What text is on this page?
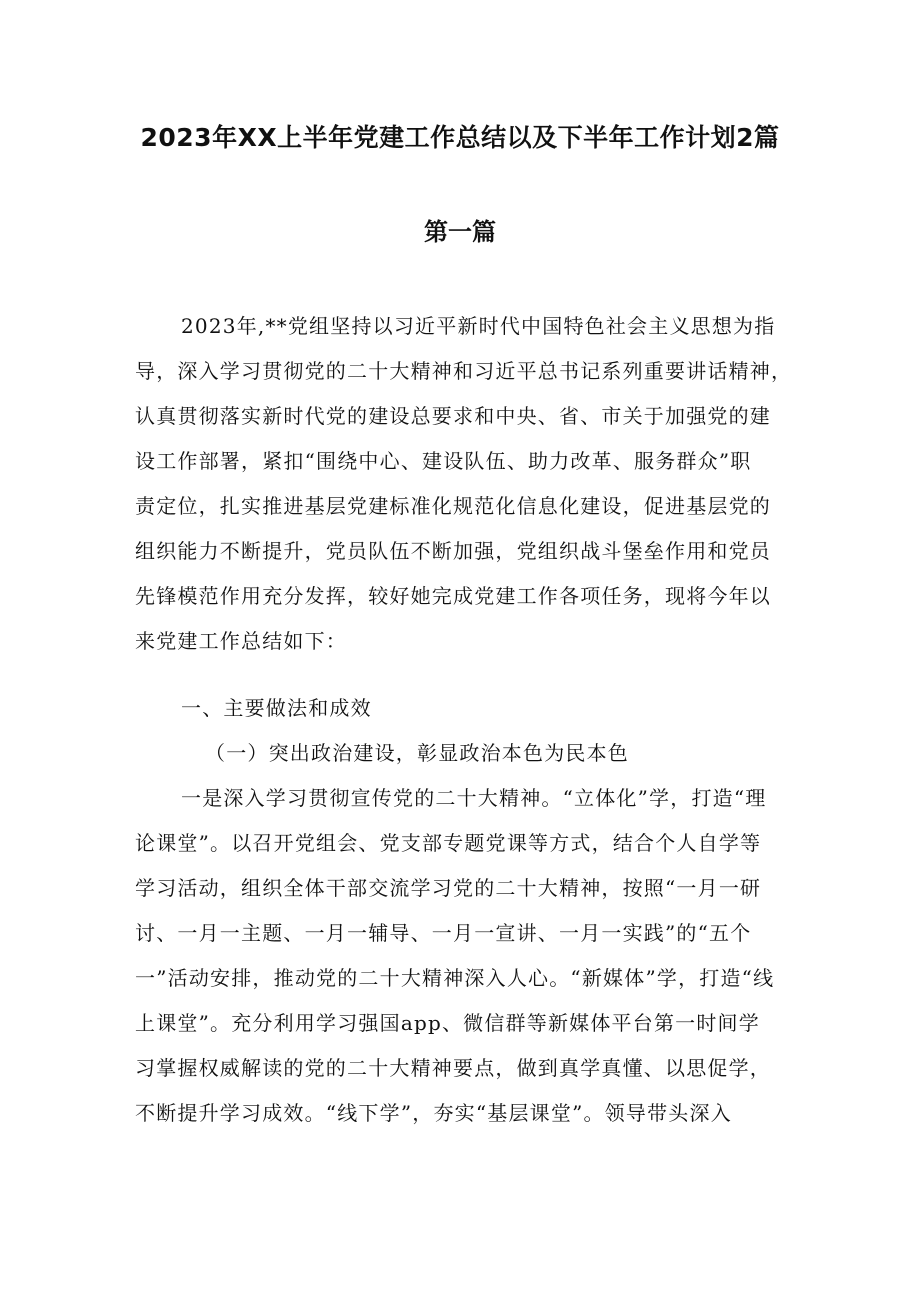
2023年XX上半年党建工作总结以及下半年工作计划2篇
第一篇
2023年,**党组坚持以习近平新时代中国特色社会主义思想为指
导，深入学习贯彻党的二十大精神和习近平总书记系列重要讲话精神，
认真贯彻落实新时代党的建设总要求和中央、省、市关于加强党的建
设工作部署，紧扣“围绕中心、建设队伍、助力改革、服务群众”职
责定位，扎实推进基层党建标准化规范化信息化建设，促进基层党的
组织能力不断提升，党员队伍不断加强，党组织战斗堡垒作用和党员
先锋模范作用充分发挥，较好她完成党建工作各项任务，现将今年以
来党建工作总结如下：
一、主要做法和成效
（一）突出政治建设，彰显政治本色为民本色
一是深入学习贯彻宣传党的二十大精神。“立体化”学，打造“理
论课堂”。以召开党组会、党支部专题党课等方式，结合个人自学等
学习活动，组织全体干部交流学习党的二十大精神，按照“一月一研
讨、一月一主题、一月一辅导、一月一宣讲、一月一实践”的“五个
一”活动安排，推动党的二十大精神深入人心。“新媒体”学，打造“线
上课堂”。充分利用学习强国app、微信群等新媒体平台第一时间学
习掌握权威解读的党的二十大精神要点，做到真学真懂、以思促学，
不断提升学习成效。“线下学”，夯实“基层课堂”。领导带头深入
